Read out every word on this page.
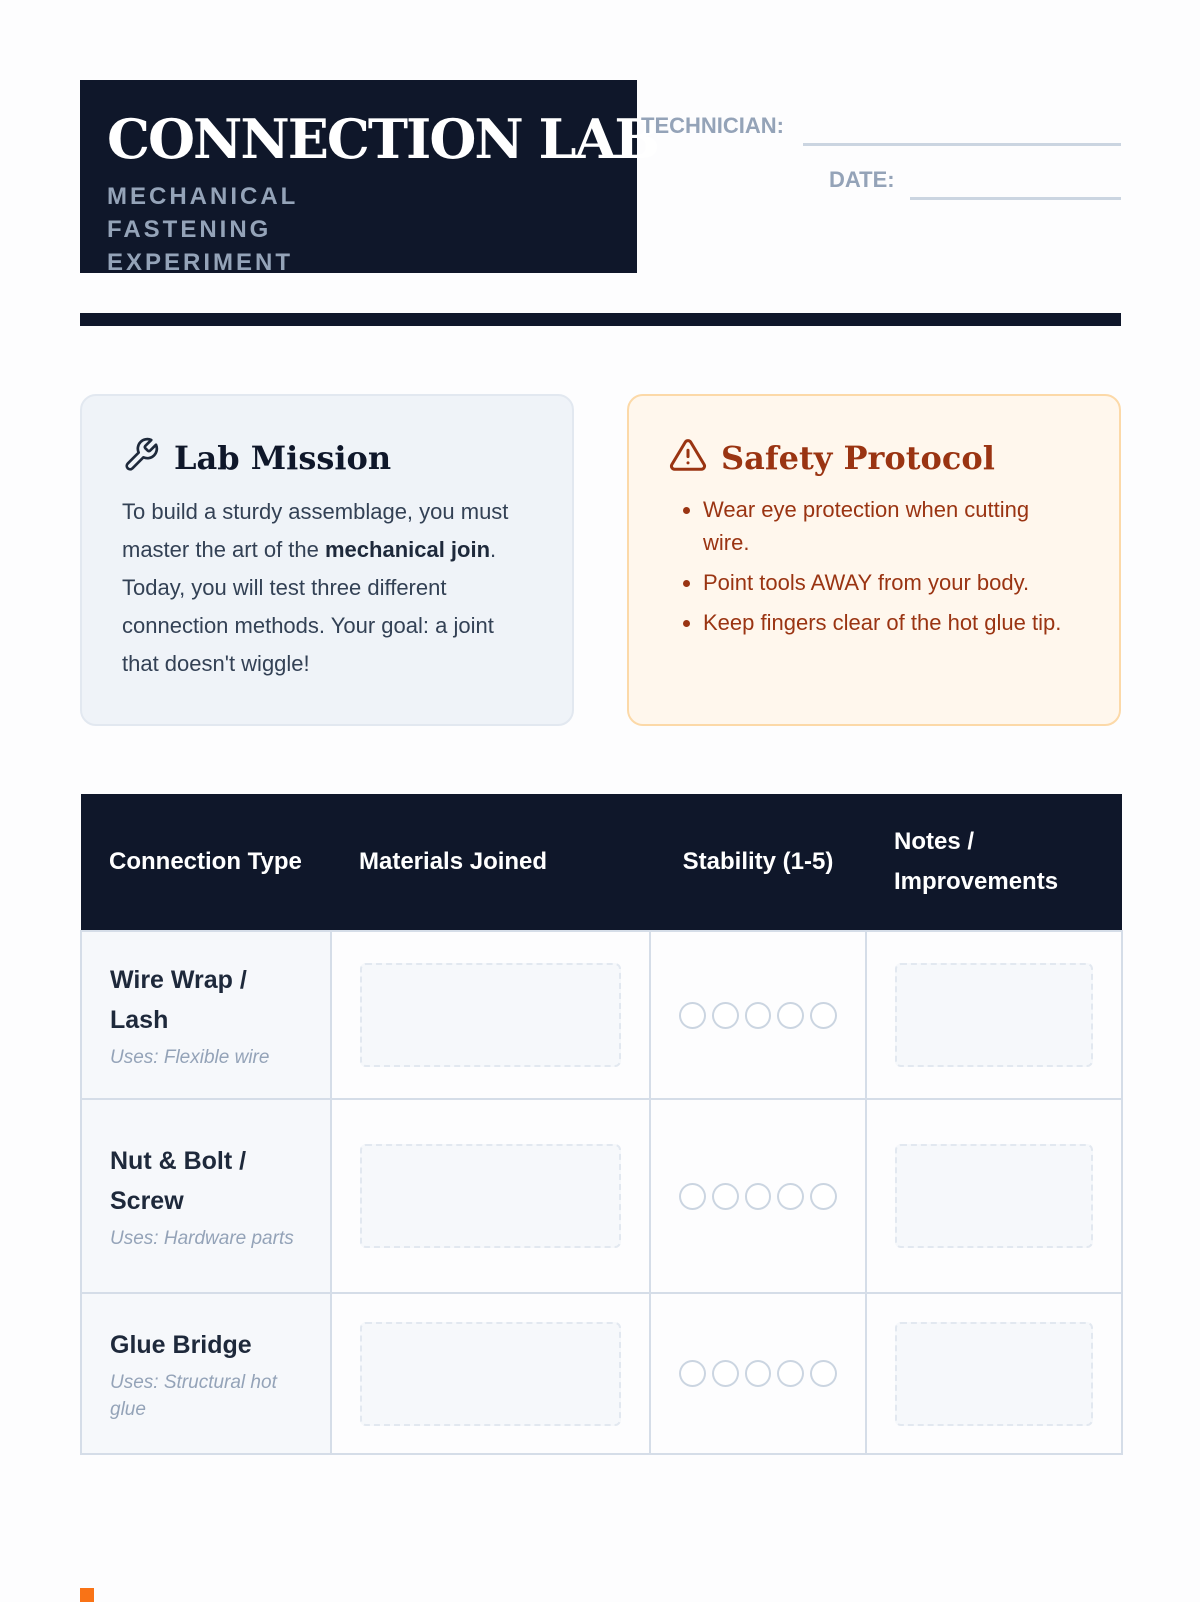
CONNECTION LAB
MECHANICAL FASTENING EXPERIMENT
TECHNICIAN:
DATE:
Lab Mission

To build a sturdy assemblage, you must master the art of the mechanical join. Today, you will test three different connection methods. Your goal: a joint that doesn't wiggle!

Safety Protocol
• Wear eye protection when cutting wire.
• Point tools AWAY from your body.
• Keep fingers clear of the hot glue tip.
Connection Type	Materials Joined	Stability (1-5)	Notes / Improvements

Wire Wrap / Lash
Uses: Flexible wire			

Nut & Bolt / Screw
Uses: Hardware parts			

Glue Bridge
Uses: Structural hot glue			
